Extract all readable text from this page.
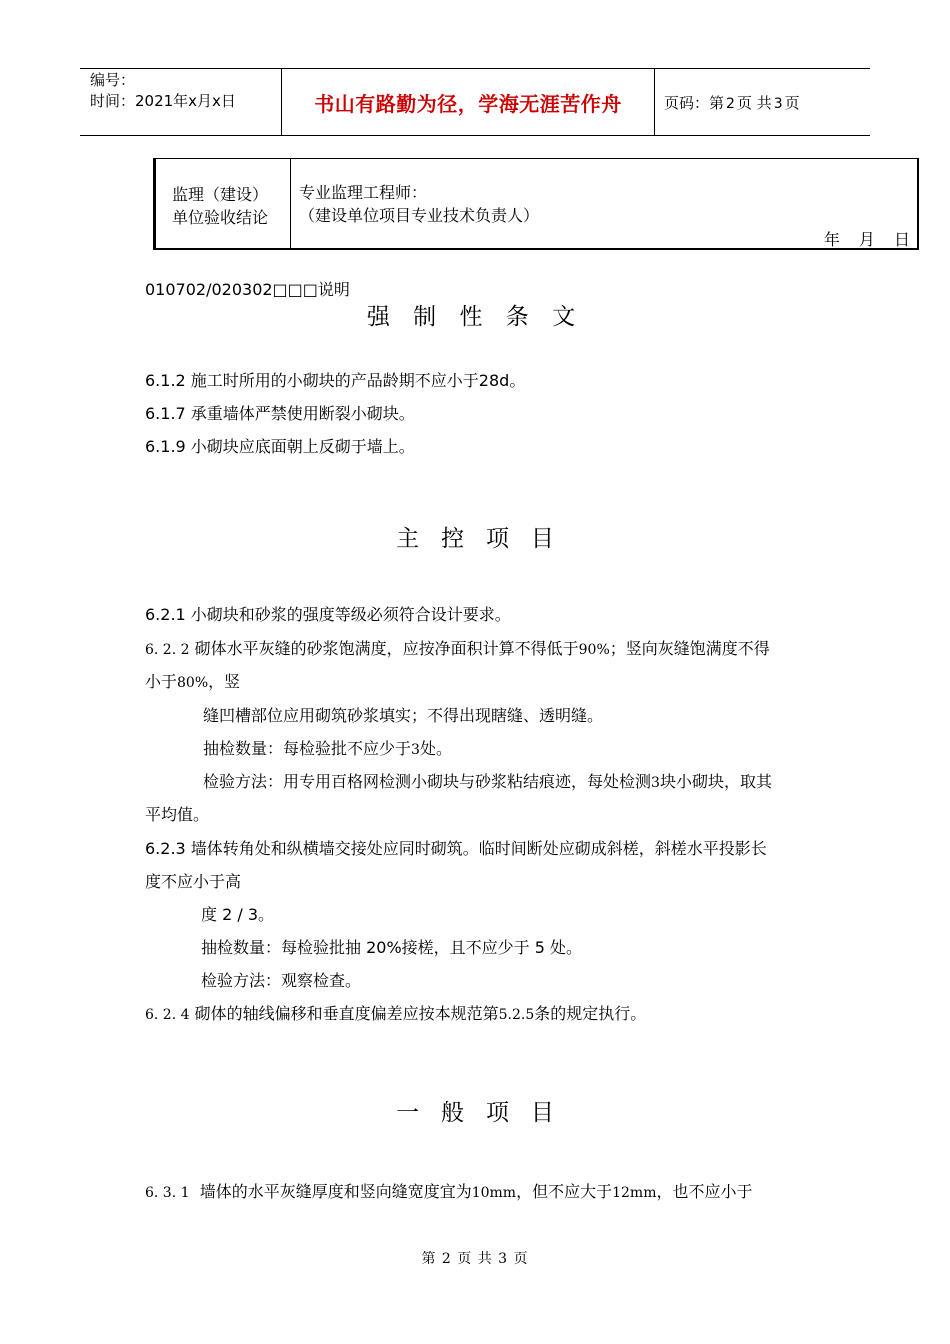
编号：
时间：2021年x月x日	书山有路勤为径，学海无涯苦作舟	页码：第 2 页 共 3 页
监理（建设）
单位验收结论
专业监理工程师：
（建设单位项目专业技术负责人）
年 月 日
010702/020302□□□说明
强 制 性 条 文
6.1.2 施工时所用的小砌块的产品龄期不应小于28d。
6.1.7 承重墙体严禁使用断裂小砌块。
6.1.9 小砌块应底面朝上反砌于墙上。
主   控   项   目
6.2.1 小砌块和砂浆的强度等级必须符合设计要求。
6. 2. 2 砌体水平灰缝的砂浆饱满度，应按净面积计算不得低于90%；竖向灰缝饱满度不得
小于80%，竖
缝凹槽部位应用砌筑砂浆填实；不得出现瞎缝、透明缝。
抽检数量：每检验批不应少于3处。
检验方法：用专用百格网检测小砌块与砂浆粘结痕迹，每处检测3块小砌块，取其
平均值。
6.2.3 墙体转角处和纵横墙交接处应同时砌筑。临时间断处应砌成斜槎，斜槎水平投影长
度不应小于高
度 2 / 3。
抽检数量：每检验批抽 20%接槎，且不应少于 5 处。
检验方法：观察检查。
6. 2. 4 砌体的轴线偏移和垂直度偏差应按本规范第5.2.5条的规定执行。
一   般   项   目
6. 3. 1 墙体的水平灰缝厚度和竖向缝宽度宜为10mm，但不应大于12mm，也不应小于
第 2 页 共 3 页
